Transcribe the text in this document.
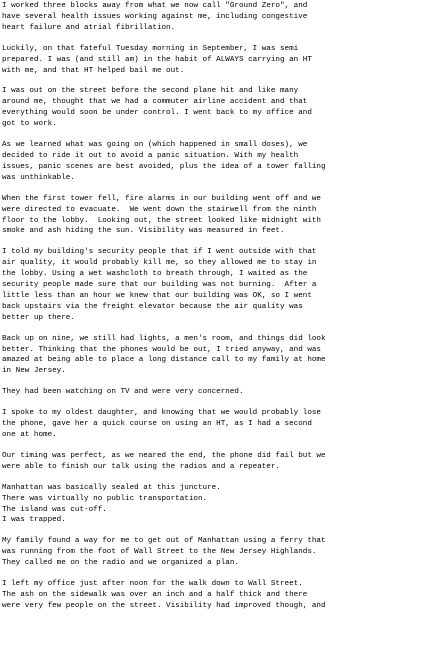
I worked three blocks away from what we now call "Ground Zero", and
have several health issues working against me, including congestive
heart failure and atrial fibrillation.

Luckily, on that fateful Tuesday morning in September, I was semi
prepared. I was (and still am) in the habit of ALWAYS carrying an HT
with me, and that HT helped bail me out.

I was out on the street before the second plane hit and like many
around me, thought that we had a commuter airline accident and that
everything would soon be under control. I went back to my office and
got to work.

As we learned what was going on (which happened in small doses), we
decided to ride it out to avoid a panic situation. With my health
issues, panic scenes are best avoided, plus the idea of a tower falling
was unthinkable.

When the first tower fell, fire alarms in our building went off and we
were directed to evacuate.  We went down the stairwell from the ninth
floor to the lobby.  Looking out, the street looked like midnight with
smoke and ash hiding the sun. Visibility was measured in feet.

I told my building's security people that if I went outside with that
air quality, it would probably kill me, so they allowed me to stay in
the lobby. Using a wet washcloth to breath through, I waited as the
security people made sure that our building was not burning.  After a
little less than an hour we knew that our building was OK, so I went
back upstairs via the freight elevator because the air quality was
better up there.

Back up on nine, we still had lights, a men's room, and things did look
better. Thinking that the phones would be out, I tried anyway, and was
amazed at being able to place a long distance call to my family at home
in New Jersey.

They had been watching on TV and were very concerned.

I spoke to my oldest daughter, and knowing that we would probably lose
the phone, gave her a quick course on using an HT, as I had a second
one at home.

Our timing was perfect, as we neared the end, the phone did fail but we
were able to finish our talk using the radios and a repeater.

Manhattan was basically sealed at this juncture.
There was virtually no public transportation.
The island was cut-off.
I was trapped.

My family found a way for me to get out of Manhattan using a ferry that
was running from the foot of Wall Street to the New Jersey Highlands.
They called me on the radio and we organized a plan.

I left my office just after noon for the walk down to Wall Street.
The ash on the sidewalk was over an inch and a half thick and there
were very few people on the street. Visibility had improved though, and
